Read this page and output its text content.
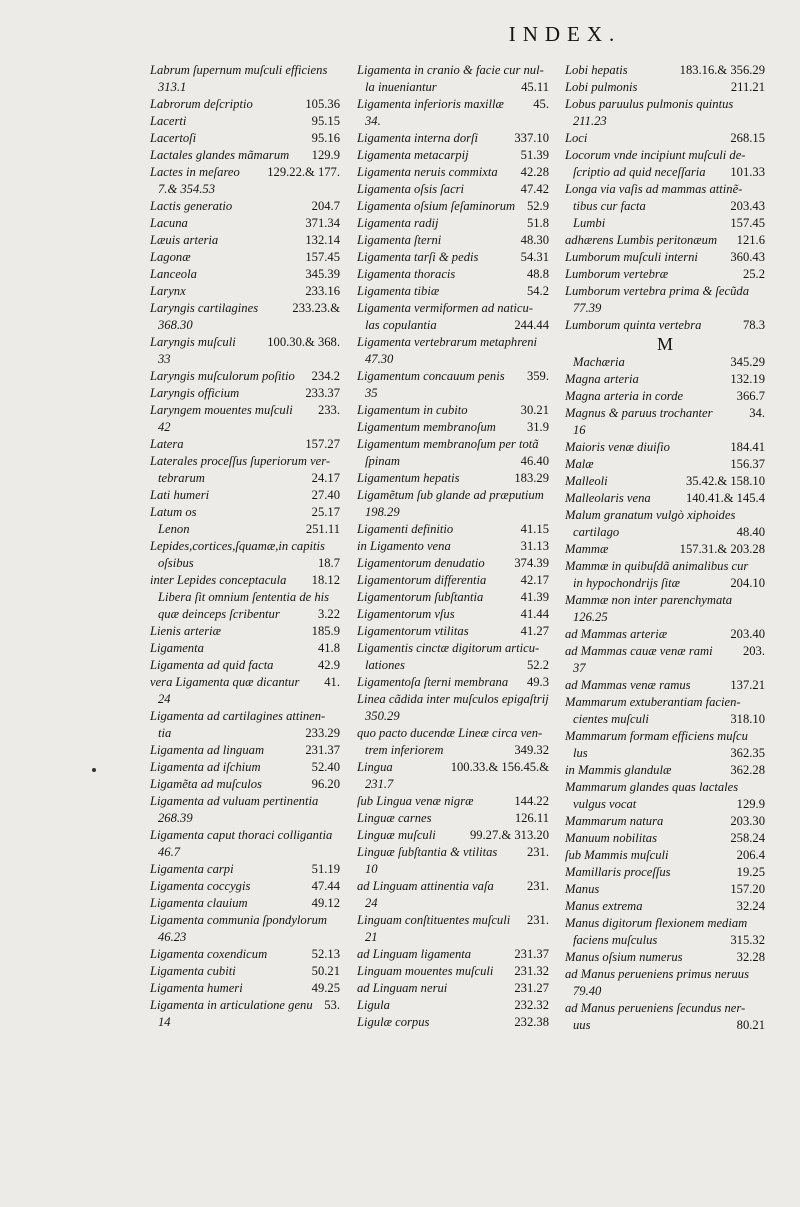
INDEX.
Labrum ſupernum muſculi efficiens
313.1
Labrorum deſcriptio	105.36
Lacerti	95.15
Lacertoſi	95.16
Lactales glandes mãmarum	129.9
Lactes in meſareo	129.22.& 177.
7.& 354.53
Lactis generatio	204.7
Lacuna	371.34
Læuis arteria	132.14
Lagonæ	157.45
Lanceola	345.39
Larynx	233.16
Laryngis cartilagines	233.23.&
368.30
Laryngis muſculi	100.30.& 368.
33
Laryngis muſculorum poſitio	234.2
Laryngis officium	233.37
Laryngem mouentes muſculi	233.
42
Latera	157.27
Laterales proceſſus ſuperiorum ver-
tebrarum	24.17
Lati humeri	27.40
Latum os	25.17
Lenon	251.11
Lepides,cortices,ſquamæ,in capitis
oſsibus	18.7
inter Lepides conceptacula	18.12
Libera ſit omnium ſententia de his
quæ deinceps ſcribentur	3.22
Lienis arteriæ	185.9
Ligamenta	41.8
Ligamenta ad quid facta	42.9
vera Ligamenta quæ dicantur	41.
24
Ligamenta ad cartilagines attinen-
tia	233.29
Ligamenta ad linguam	231.37
Ligamenta ad iſchium	52.40
Ligamẽta ad muſculos	96.20
Ligamenta ad vuluam pertinentia
268.39
Ligamenta caput thoraci colligantia
46.7
Ligamenta carpi	51.19
Ligamenta coccygis	47.44
Ligamenta clauium	49.12
Ligamenta communia ſpondylorum
46.23
Ligamenta coxendicum	52.13
Ligamenta cubiti	50.21
Ligamenta humeri	49.25
Ligamenta in articulatione genu 53.
14
Ligamenta in cranio & facie cur nul-
la inueniantur	45.11
Ligamenta inferioris maxillæ	45.
34.
Ligamenta interna dorſi	337.10
Ligamenta metacarpij	51.39
Ligamenta neruis commixta	42.28
Ligamenta oſsis ſacri	47.42
Ligamenta oſsium ſeſaminorum 52.9
Ligamenta radij	51.8
Ligamenta ſterni	48.30
Ligamenta tarſi & pedis	54.31
Ligamenta thoracis	48.8
Ligamenta tibiæ	54.2
Ligamenta vermiformen ad naticu-
las copulantia	244.44
Ligamenta vertebrarum metaphreni
47.30
Ligamentum concauum penis	359.
35
Ligamentum in cubito	30.21
Ligamentum membranoſum	31.9
Ligamentum membranoſum per totã
ſpinam	46.40
Ligamentum hepatis	183.29
Ligamẽtum ſub glande ad præputium
198.29
Ligamenti definitio	41.15
in Ligamento vena	31.13
Ligamentorum denudatio	374.39
Ligamentorum differentia	42.17
Ligamentorum ſubſtantia	41.39
Ligamentorum vſus	41.44
Ligamentorum vtilitas	41.27
Ligamentis cinctæ digitorum articu-
lationes	52.2
Ligamentoſa ſterni membrana	49.3
Linea cãdida inter muſculos epigaſtrij
350.29
quo pacto ducendæ Lineæ circa ven-
trem inferiorem	349.32
Lingua	100.33.& 156.45.&
231.7
ſub Lingua venæ nigræ	144.22
Linguæ carnes	126.11
Linguæ muſculi	99.27.& 313.20
Linguæ ſubſtantia & vtilitas	231.
10
ad Linguam attinentia vaſa	231.
24
Linguam conſtituentes muſculi	231.
21
ad Linguam ligamenta	231.37
Linguam mouentes muſculi	231.32
ad Linguam nerui	231.27
Ligula	232.32
Ligulæ corpus	232.38
Lobi hepatis	183.16.& 356.29
Lobi pulmonis	211.21
Lobus paruulus pulmonis quintus
211.23
Loci	268.15
Locorum vnde incipiunt muſculi de-
ſcriptio ad quid neceſſaria	101.33
Longa via vaſis ad mammas attinẽ-
tibus cur facta	203.43
Lumbi	157.45
adhærens Lumbis peritonæum	121.6
Lumborum muſculi interni	360.43
Lumborum vertebræ	25.2
Lumborum vertebra prima & ſecũda
77.39
Lumborum quinta vertebra	78.3
M
Machæria	345.29
Magna arteria	132.19
Magna arteria in corde	366.7
Magnus & paruus trochanter	34.
16
Maioris venæ diuiſio	184.41
Malæ	156.37
Malleoli	35.42.& 158.10
Malleolaris vena	140.41.& 145.4
Malum granatum vulgò xiphoides
cartilago	48.40
Mammæ	157.31.& 203.28
Mammæ in quibuſdã animalibus cur
in hypochondrijs ſitæ	204.10
Mammæ non inter parenchymata
126.25
ad Mammas arteriæ	203.40
ad Mammas cauæ venæ rami	203.
37
ad Mammas venæ ramus	137.21
Mammarum extuberantiam facien-
cientes muſculi	318.10
Mammarum formam efficiens muſcu
lus	362.35
in Mammis glandulæ	362.28
Mammarum glandes quas lactales
vulgus vocat	129.9
Mammarum natura	203.30
Manuum nobilitas	258.24
ſub Mammis muſculi	206.4
Mamillaris proceſſus	19.25
Manus	157.20
Manus extrema	32.24
Manus digitorum flexionem mediam
faciens muſculus	315.32
Manus oſsium numerus	32.28
ad Manus perueniens primus neruus
79.40
ad Manus perueniens ſecundus ner-
uus	80.21
